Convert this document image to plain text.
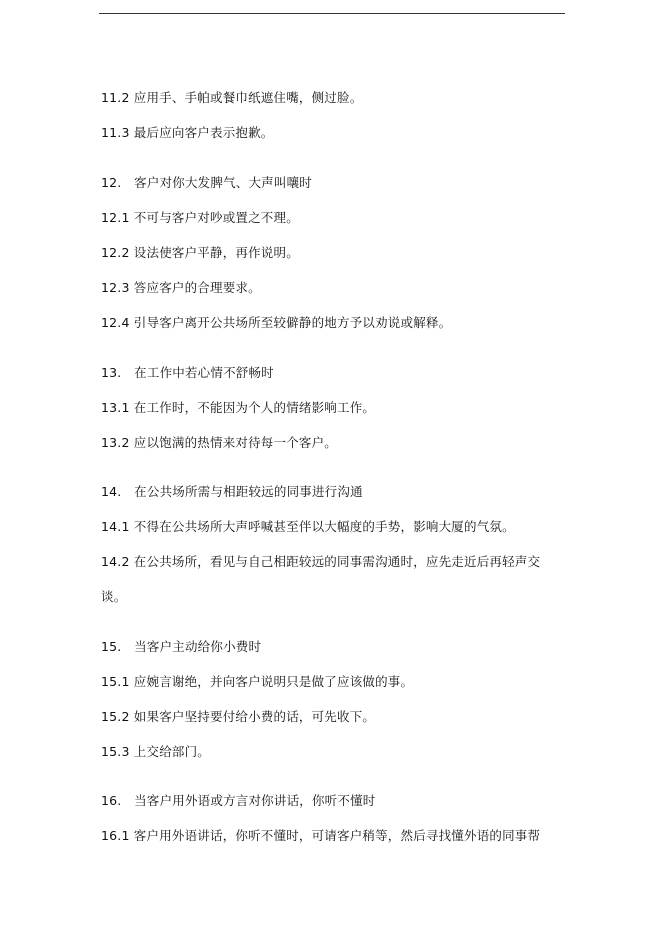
11.2 应用手、手帕或餐巾纸遮住嘴，侧过脸。
11.3 最后应向客户表示抱歉。
12.　客户对你大发脾气、大声叫嚷时
12.1 不可与客户对吵或置之不理。
12.2 设法使客户平静，再作说明。
12.3 答应客户的合理要求。
12.4 引导客户离开公共场所至较僻静的地方予以劝说或解释。
13.　在工作中若心情不舒畅时
13.1 在工作时，不能因为个人的情绪影响工作。
13.2 应以饱满的热情来对待每一个客户。
14.　在公共场所需与相距较远的同事进行沟通
14.1 不得在公共场所大声呼喊甚至伴以大幅度的手势，影响大厦的气氛。
14.2 在公共场所，看见与自己相距较远的同事需沟通时，应先走近后再轻声交
谈。
15.　当客户主动给你小费时
15.1 应婉言谢绝，并向客户说明只是做了应该做的事。
15.2 如果客户坚持要付给小费的话，可先收下。
15.3 上交给部门。
16.　当客户用外语或方言对你讲话，你听不懂时
16.1 客户用外语讲话，你听不懂时，可请客户稍等，然后寻找懂外语的同事帮
